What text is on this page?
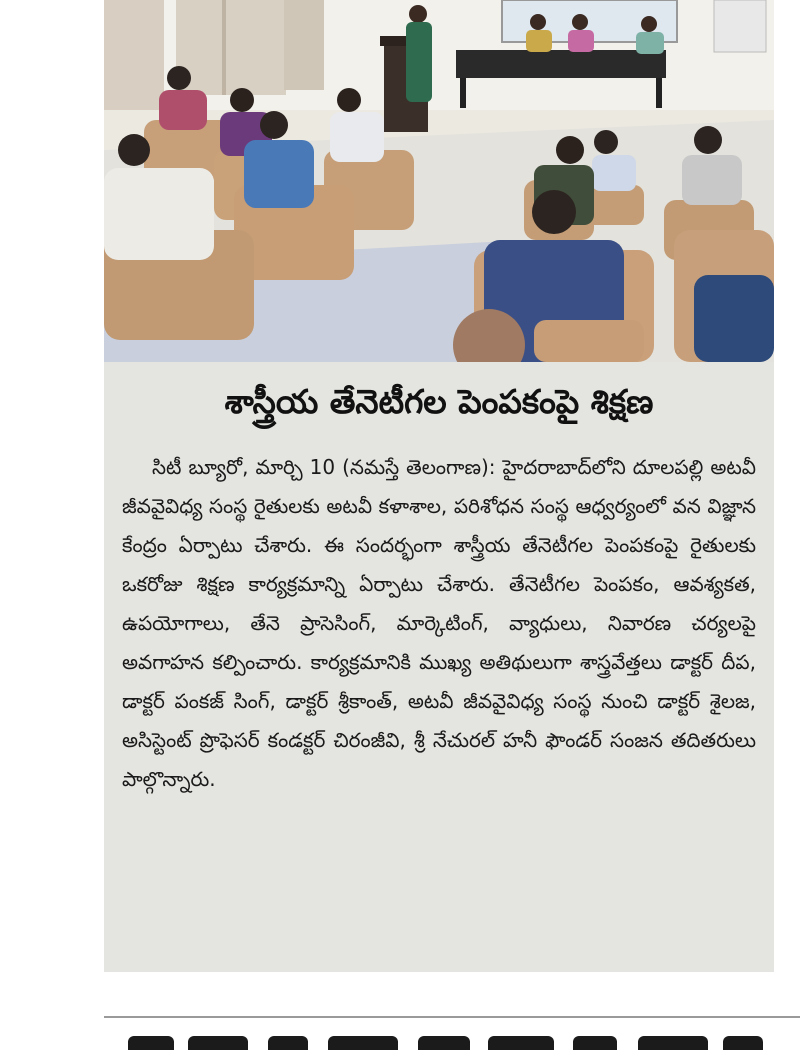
శాస్త్రీయ తేనెటీగల పెంపకంపై శిక్షణ
సిటీ బ్యూరో, మార్చి 10 (నమస్తే తెలంగాణ): హైదరాబాద్‌లోని దూలపల్లి అటవీ జీవవైవిధ్య సంస్థ రైతులకు అటవీ కళాశాల, పరిశోధన సంస్థ ఆధ్వర్యంలో వన విజ్ఞాన కేంద్రం ఏర్పాటు చేశారు. ఈ సందర్భంగా శాస్త్రీయ తేనెటీగల పెంపకంపై రైతులకు ఒకరోజు శిక్షణ కార్యక్రమాన్ని ఏర్పాటు చేశారు. తేనెటీగల పెంపకం, ఆవశ్యకత, ఉపయోగాలు, తేనె ప్రాసెసింగ్, మార్కెటింగ్, వ్యాధులు, నివారణ చర్యలపై అవగాహన కల్పించారు. కార్యక్రమానికి ముఖ్య అతిథులుగా శాస్త్రవేత్తలు డాక్టర్ దీప, డాక్టర్ పంకజ్ సింగ్, డాక్టర్ శ్రీకాంత్, అటవీ జీవవైవిధ్య సంస్థ నుంచి డాక్టర్ శైలజ, అసిస్టెంట్ ప్రొఫెసర్ కండక్టర్ చిరంజీవి, శ్రీ నేచురల్ హనీ ఫౌండర్ సంజన తదితరులు పాల్గొన్నారు.
